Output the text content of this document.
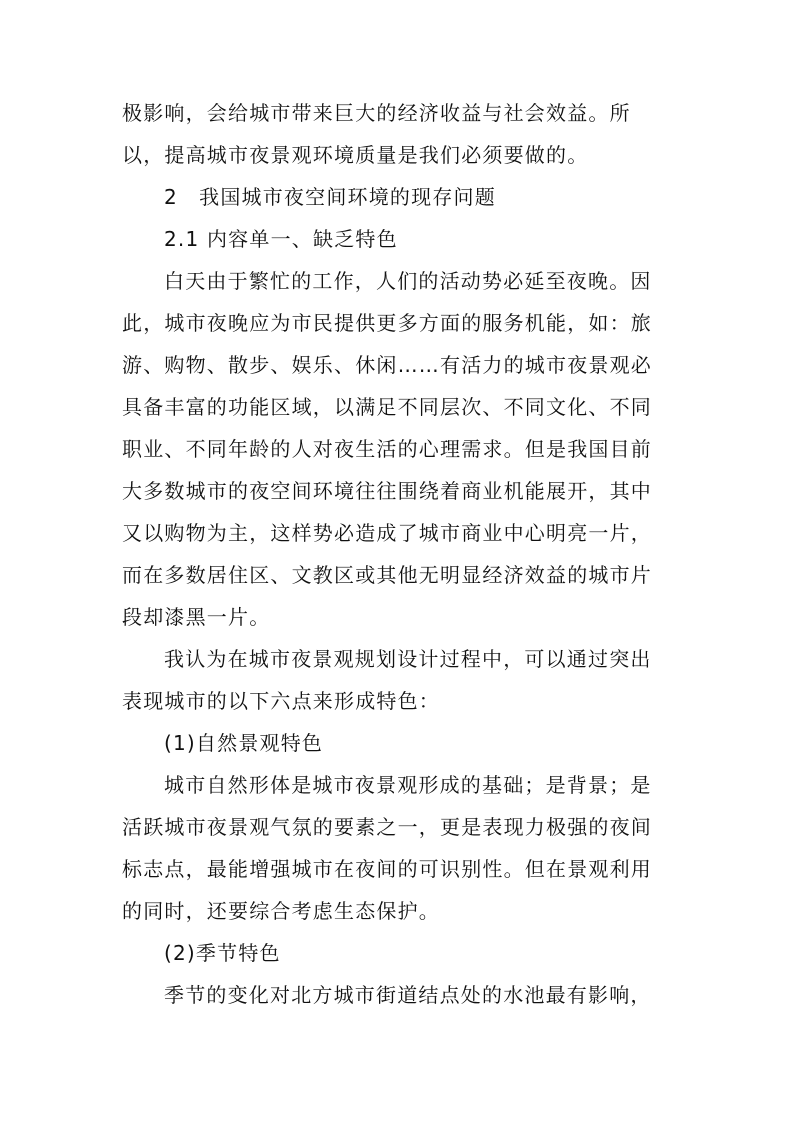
极影响，会给城市带来巨大的经济收益与社会效益。所
以，提高城市夜景观环境质量是我们必须要做的。
2　我国城市夜空间环境的现存问题
2.1 内容单一、缺乏特色
白天由于繁忙的工作，人们的活动势必延至夜晚。因
此，城市夜晚应为市民提供更多方面的服务机能，如：旅
游、购物、散步、娱乐、休闲……有活力的城市夜景观必
具备丰富的功能区域，以满足不同层次、不同文化、不同
职业、不同年龄的人对夜生活的心理需求。但是我国目前
大多数城市的夜空间环境往往围绕着商业机能展开，其中
又以购物为主，这样势必造成了城市商业中心明亮一片，
而在多数居住区、文教区或其他无明显经济效益的城市片
段却漆黑一片。
我认为在城市夜景观规划设计过程中，可以通过突出
表现城市的以下六点来形成特色：
(1)自然景观特色
城市自然形体是城市夜景观形成的基础；是背景；是
活跃城市夜景观气氛的要素之一，更是表现力极强的夜间
标志点，最能增强城市在夜间的可识别性。但在景观利用
的同时，还要综合考虑生态保护。
(2)季节特色
季节的变化对北方城市街道结点处的水池最有影响，
